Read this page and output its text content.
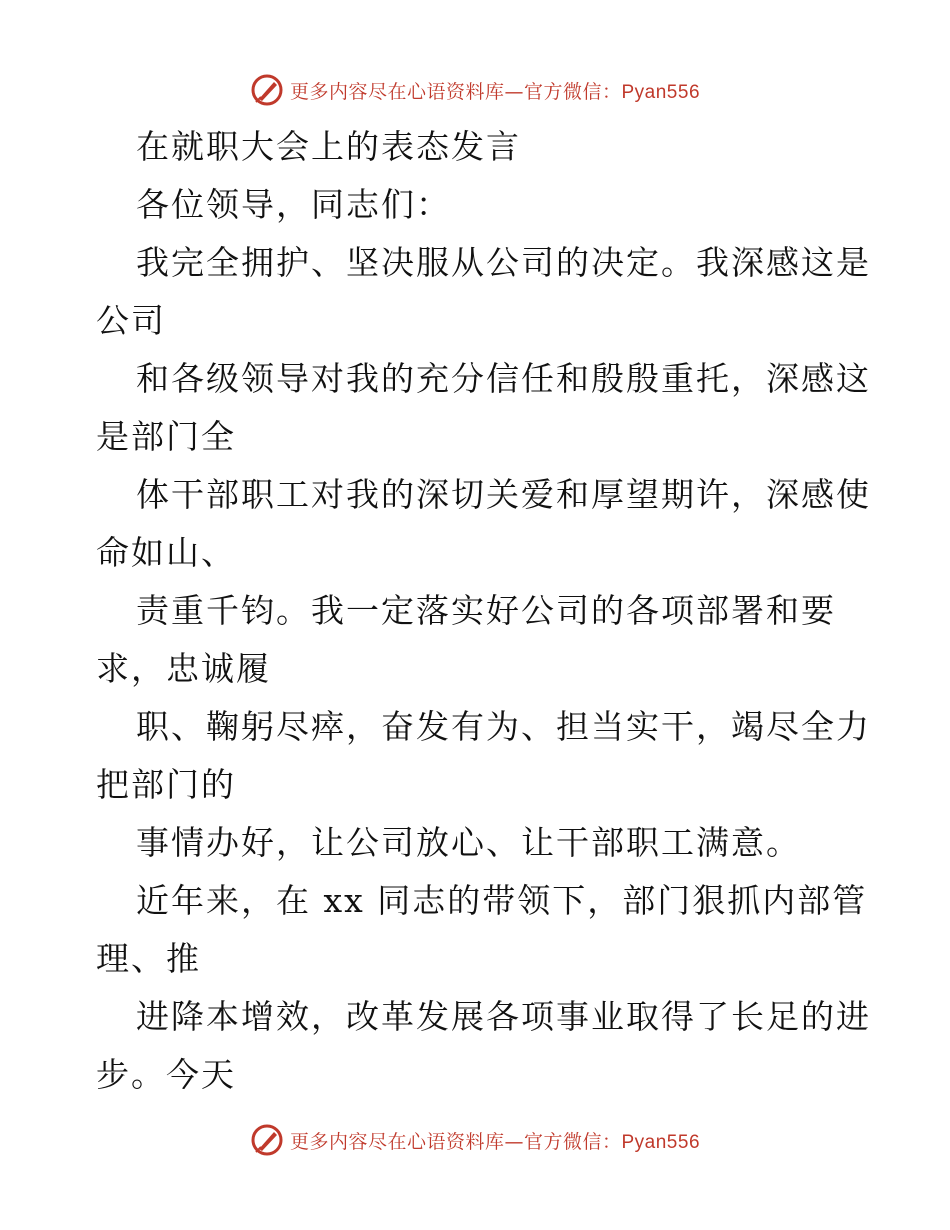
更多内容尽在心语资料库—官方微信：Pyan556
在就职大会上的表态发言
各位领导，同志们：
我完全拥护、坚决服从公司的决定。我深感这是
公司
和各级领导对我的充分信任和殷殷重托，深感这
是部门全
体干部职工对我的深切关爱和厚望期许，深感使
命如山、
责重千钧。我一定落实好公司的各项部署和要
求，忠诚履
职、鞠躬尽瘁，奋发有为、担当实干，竭尽全力
把部门的
事情办好，让公司放心、让干部职工满意。
近年来，在 xx 同志的带领下，部门狠抓内部管
理、推
进降本增效，改革发展各项事业取得了长足的进
步。今天
更多内容尽在心语资料库—官方微信：Pyan556
